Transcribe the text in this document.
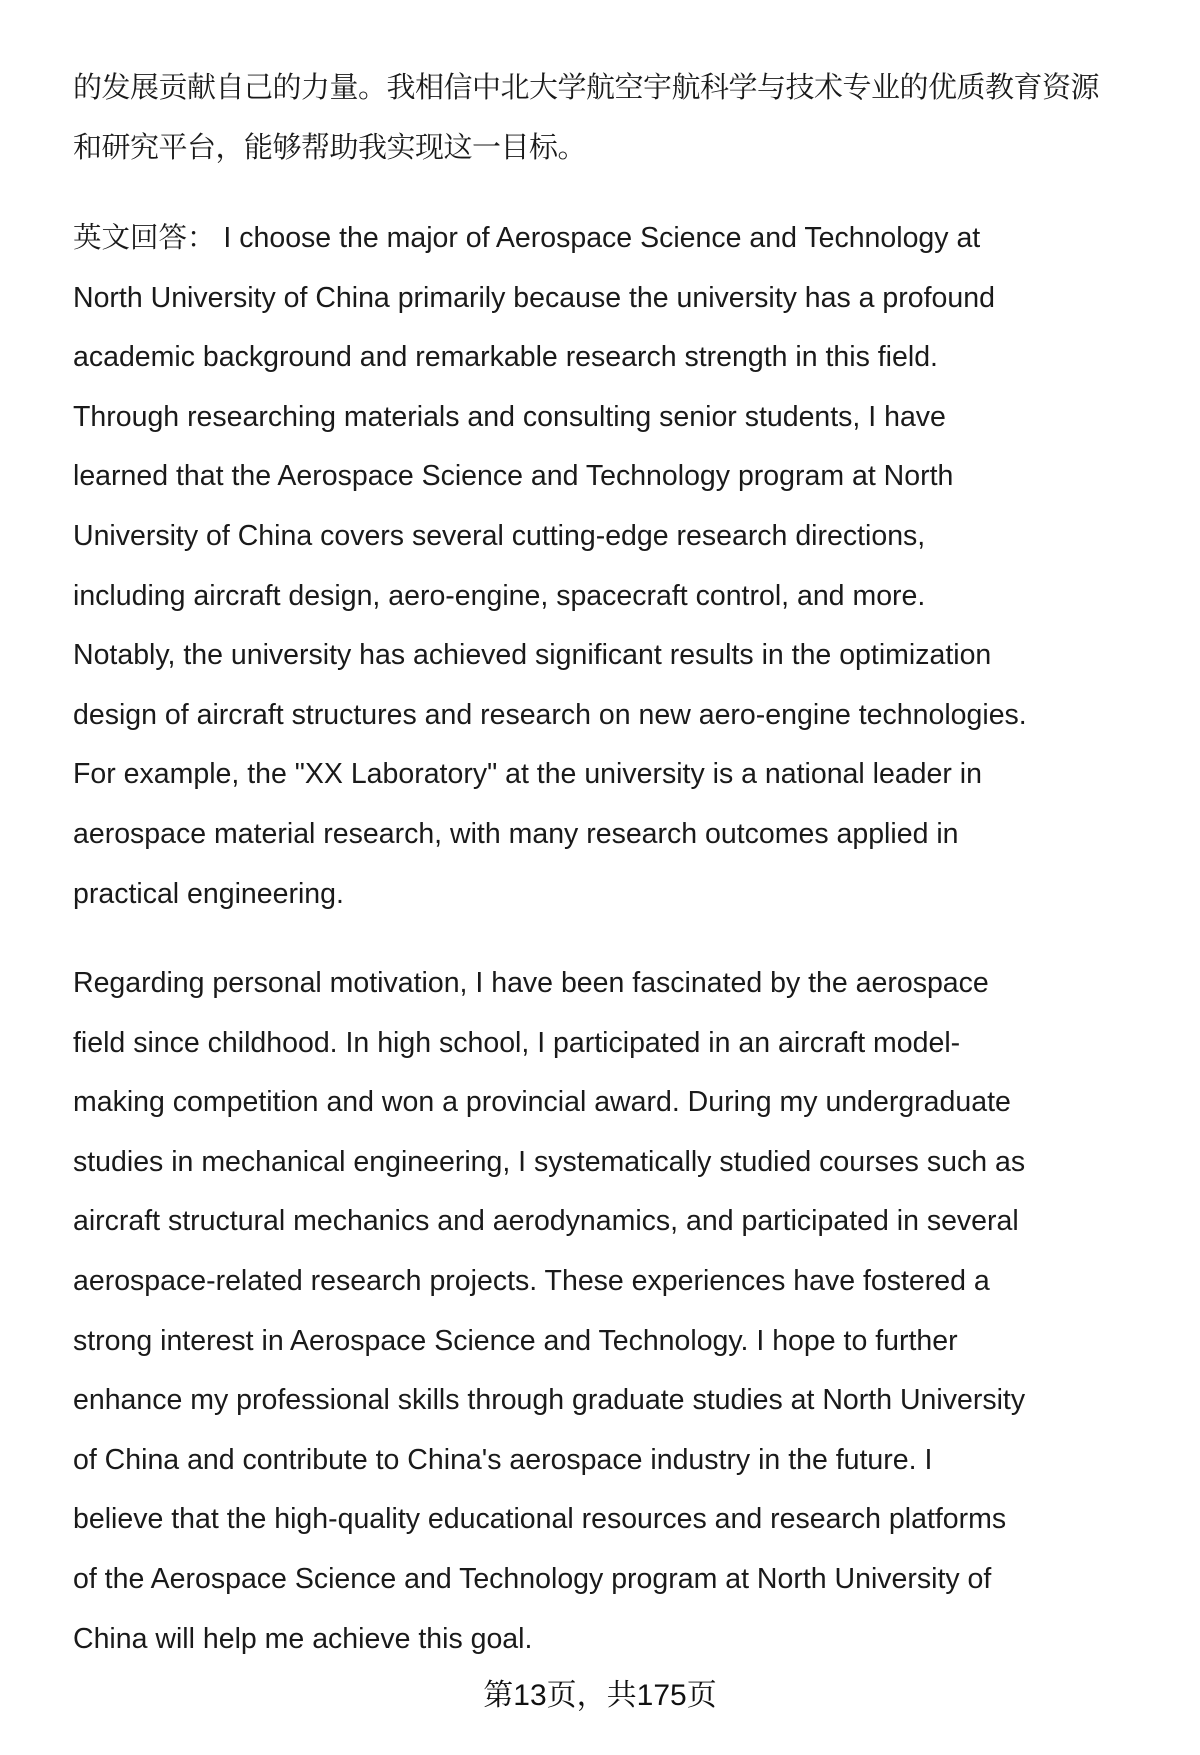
的发展贡献自己的力量。我相信中北大学航空宇航科学与技术专业的优质教育资源
和研究平台，能够帮助我实现这一目标。
英文回答： I choose the major of Aerospace Science and Technology at
North University of China primarily because the university has a profound
academic background and remarkable research strength in this field.
Through researching materials and consulting senior students, I have
learned that the Aerospace Science and Technology program at North
University of China covers several cutting-edge research directions,
including aircraft design, aero-engine, spacecraft control, and more.
Notably, the university has achieved significant results in the optimization
design of aircraft structures and research on new aero-engine technologies.
For example, the "XX Laboratory" at the university is a national leader in
aerospace material research, with many research outcomes applied in
practical engineering.
Regarding personal motivation, I have been fascinated by the aerospace
field since childhood. In high school, I participated in an aircraft model-
making competition and won a provincial award. During my undergraduate
studies in mechanical engineering, I systematically studied courses such as
aircraft structural mechanics and aerodynamics, and participated in several
aerospace-related research projects. These experiences have fostered a
strong interest in Aerospace Science and Technology. I hope to further
enhance my professional skills through graduate studies at North University
of China and contribute to China's aerospace industry in the future. I
believe that the high-quality educational resources and research platforms
of the Aerospace Science and Technology program at North University of
China will help me achieve this goal.
第13页，共175页
